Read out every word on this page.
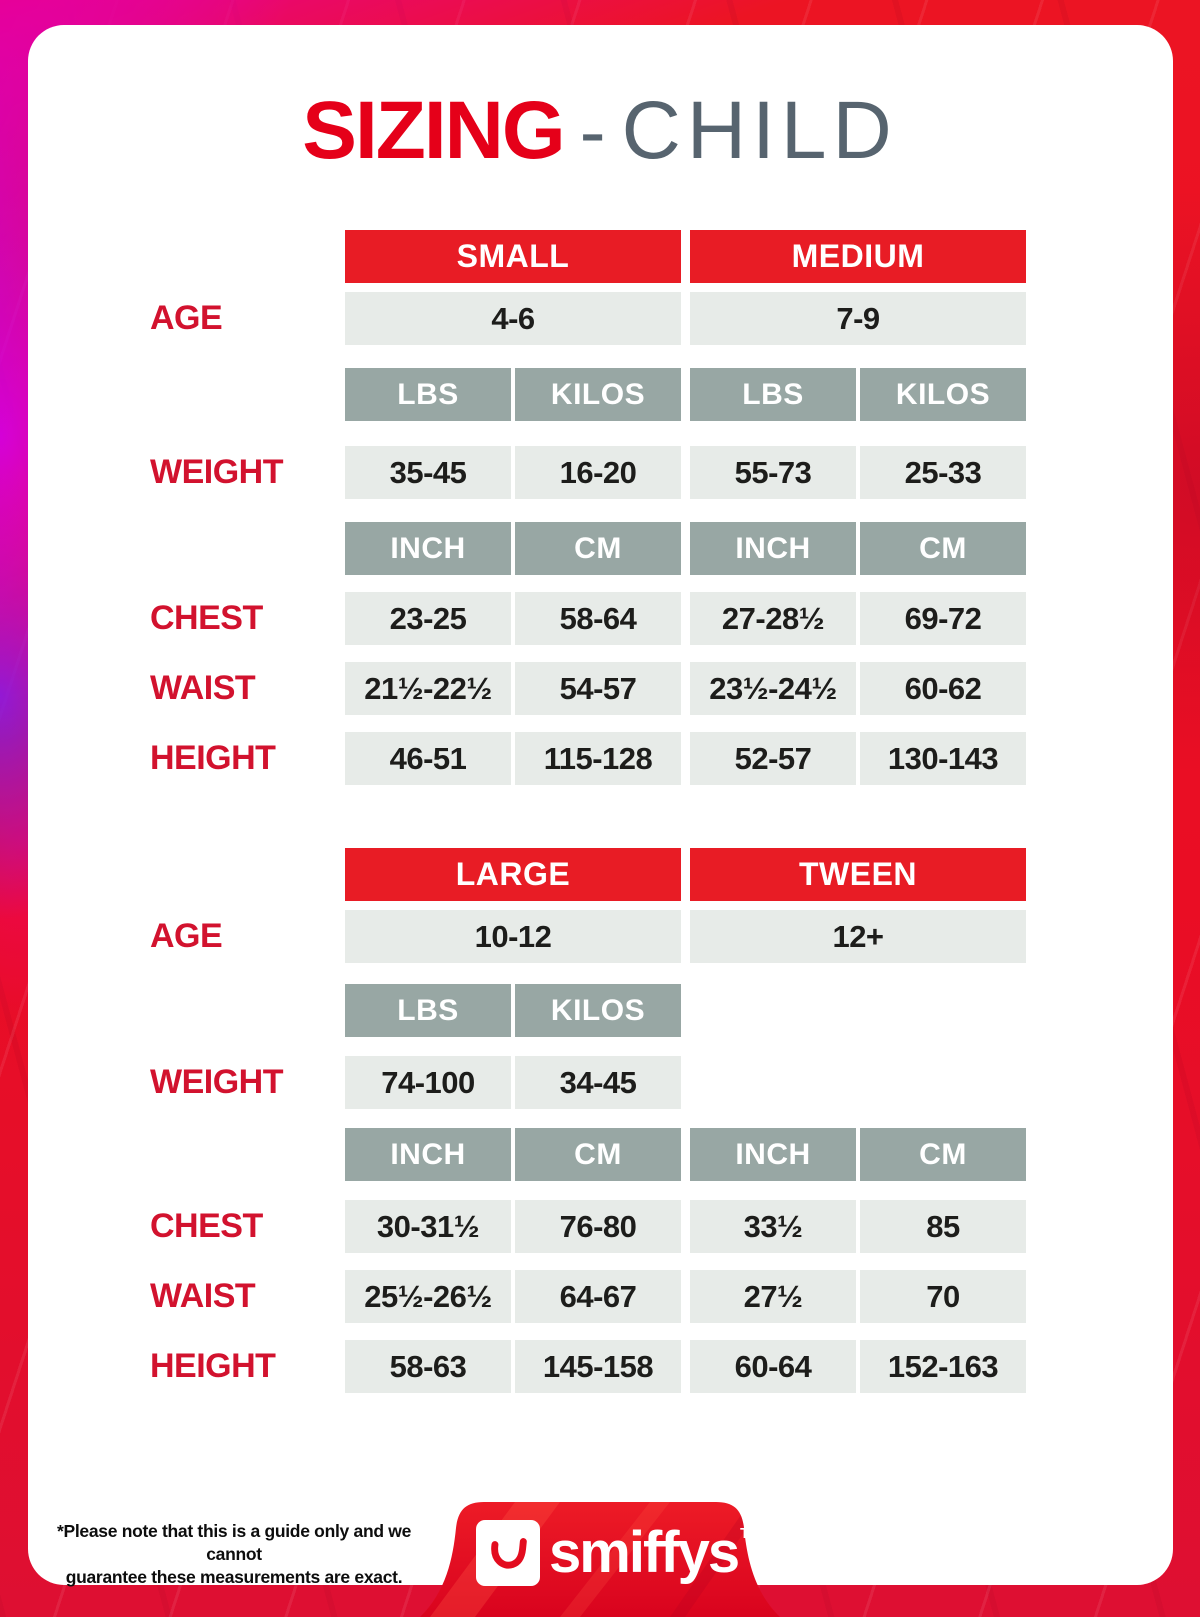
SIZING - CHILD
SMALL	MEDIUM
AGE	4-6	7-9
LBS	KILOS	LBS	KILOS
WEIGHT	35-45	16-20	55-73	25-33
INCH	CM	INCH	CM
CHEST	23-25	58-64	27-28½	69-72
WAIST	21½-22½	54-57	23½-24½	60-62
HEIGHT	46-51	115-128	52-57	130-143
LARGE	TWEEN
AGE	10-12	12+
LBS	KILOS
WEIGHT	74-100	34-45
INCH	CM	INCH	CM
CHEST	30-31½	76-80	33½	85
WAIST	25½-26½	64-67	27½	70
HEIGHT	58-63	145-158	60-64	152-163
*Please note that this is a guide only and we cannot
guarantee these measurements are exact.	smiffys ™
